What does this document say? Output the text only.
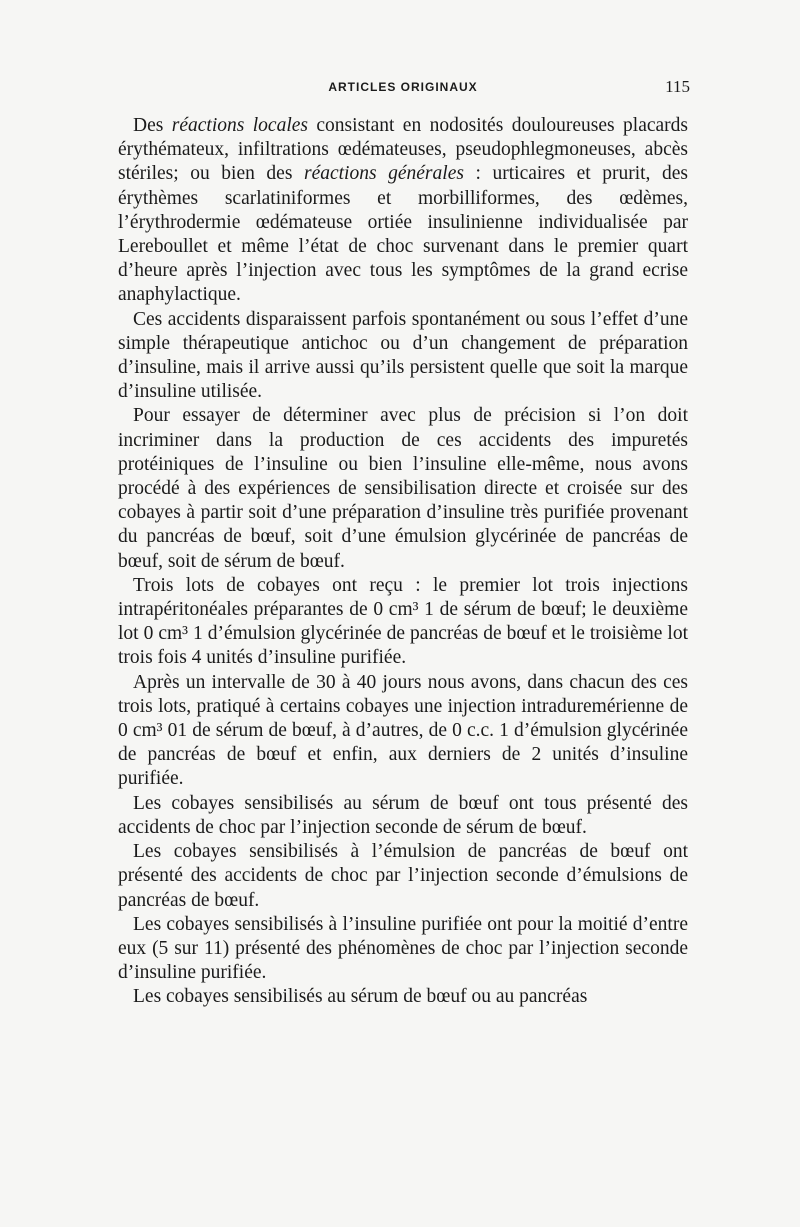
ARTICLES ORIGINAUX	115

Des réactions locales consistant en nodosités douloureuses placards érythémateux, infiltrations œdémateuses, pseudophlegmoneuses, abcès stériles; ou bien des réactions générales : urticaires et prurit, des érythèmes scarlatiniformes et morbilliformes, des œdèmes, l’érythrodermie œdémateuse ortiée insulinienne individualisée par Lereboullet et même l’état de choc survenant dans le premier quart d’heure après l’injection avec tous les symptômes de la grand ecrise anaphylactique.

Ces accidents disparaissent parfois spontanément ou sous l’effet d’une simple thérapeutique antichoc ou d’un changement de préparation d’insuline, mais il arrive aussi qu’ils persistent quelle que soit la marque d’insuline utilisée.

Pour essayer de déterminer avec plus de précision si l’on doit incriminer dans la production de ces accidents des impuretés protéiniques de l’insuline ou bien l’insuline elle-même, nous avons procédé à des expériences de sensibilisation directe et croisée sur des cobayes à partir soit d’une préparation d’insuline très purifiée provenant du pancréas de bœuf, soit d’une émulsion glycérinée de pancréas de bœuf, soit de sérum de bœuf.

Trois lots de cobayes ont reçu : le premier lot trois injections intrapéritonéales préparantes de 0 cm³ 1 de sérum de bœuf; le deuxième lot 0 cm³ 1 d’émulsion glycérinée de pancréas de bœuf et le troisième lot trois fois 4 unités d’insuline purifiée.

Après un intervalle de 30 à 40 jours nous avons, dans chacun des ces trois lots, pratiqué à certains cobayes une injection intraduremérienne de 0 cm³ 01 de sérum de bœuf, à d’autres, de 0 c.c. 1 d’émulsion glycérinée de pancréas de bœuf et enfin, aux derniers de 2 unités d’insuline purifiée.

Les cobayes sensibilisés au sérum de bœuf ont tous présenté des accidents de choc par l’injection seconde de sérum de bœuf.

Les cobayes sensibilisés à l’émulsion de pancréas de bœuf ont présenté des accidents de choc par l’injection seconde d’émulsions de pancréas de bœuf.

Les cobayes sensibilisés à l’insuline purifiée ont pour la moitié d’entre eux (5 sur 11) présenté des phénomènes de choc par l’injection seconde d’insuline purifiée.

Les cobayes sensibilisés au sérum de bœuf ou au pancréas
